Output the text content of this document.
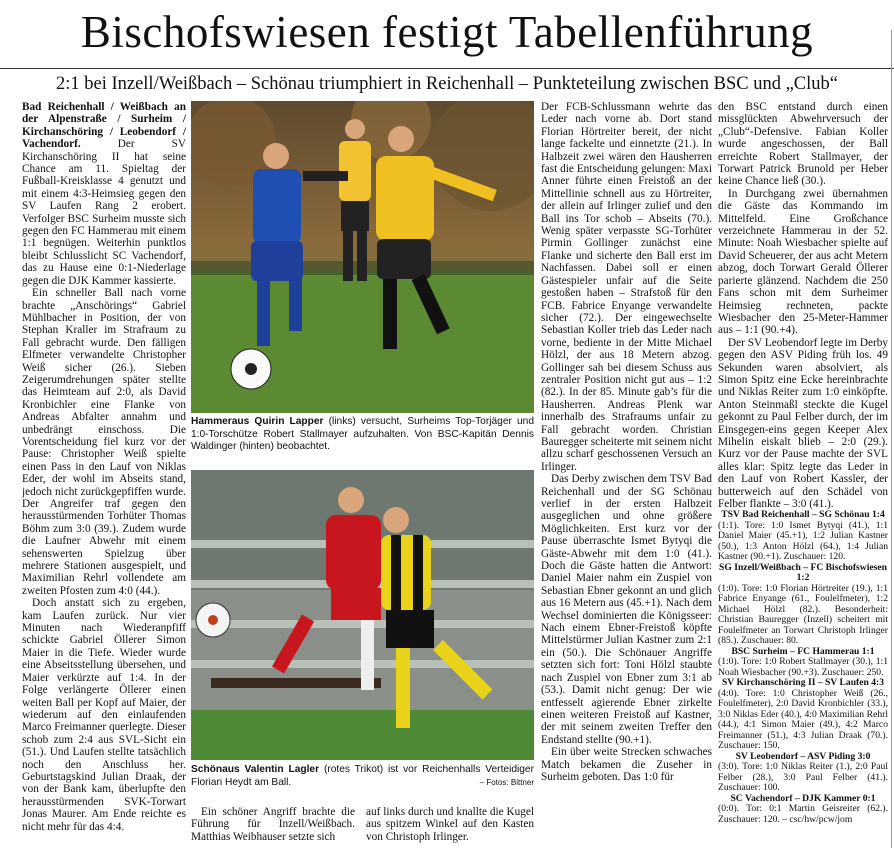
Bischofswiesen festigt Tabellenführung
2:1 bei Inzell/Weißbach – Schönau triumphiert in Reichenhall – Punkteteilung zwischen BSC und „Club“

Bad Reichenhall / Weißbach an der Alpenstraße / Surheim / Kirchanschöring / Leobendorf / Vachendorf.	Der SV Kirchanschöring II hat seine Chance am 11. Spieltag der Fußball-Kreisklasse 4 genutzt und mit einem 4:3-Heimsieg gegen den SV Laufen Rang 2 erobert. Verfolger BSC Surheim musste sich gegen den FC Hammerau mit einem 1:1 begnügen. Weiterhin punktlos bleibt Schlusslicht SC Vachendorf, das zu Hause eine 0:1-Niederlage gegen die DJK Kammer kassierte.

Ein schneller Ball nach vorne brachte „Anschörings“ Gabriel Mühlbacher in Position, der von Stephan Kraller im Strafraum zu Fall gebracht wurde. Den fälligen Elfmeter verwandelte Christopher Weiß sicher (26.). Sieben Zeigerumdrehungen später stellte das Heimteam auf 2:0, als David Kronbichler eine Flanke von Andreas Abfalter annahm und unbedrängt einschoss. Die Vorentscheidung fiel kurz vor der Pause: Christopher Weiß spielte einen Pass in den Lauf von Niklas Eder, der wohl im Abseits stand, jedoch nicht zurückgepfiffen wurde. Der Angreifer traf gegen den herausstürmenden Torhüter Thomas Böhm zum 3:0 (39.). Zudem wurde die Laufner Abwehr mit einem sehenswerten Spielzug über mehrere Stationen ausgespielt, und Maximilian Rehrl vollendete am zweiten Pfosten zum 4:0 (44.).

Doch anstatt sich zu ergeben, kam Laufen zurück. Nur vier Minuten nach Wiederanpfiff schickte Gabriel Öllerer Simon Maier in die Tiefe. Wieder wurde eine Abseitsstellung übersehen, und Maier verkürzte auf 1:4. In der Folge verlängerte Öllerer einen weiten Ball per Kopf auf Maier, der wiederum auf den einlaufenden Marco Freimanner querlegte. Dieser schob zum 2:4 aus SVL-Sicht ein (51.). Und Laufen stellte tatsächlich noch den Anschluss her. Geburtstagskind Julian Draak, der von der Bank kam, überlupfte den herausstürmenden SVK-Torwart Jonas Maurer. Am Ende reichte es nicht mehr für das 4:4.

Hammeraus Quirin Lapper (links) versucht, Surheims Top-Torjäger und 1:0-Torschütze Robert Stallmayer aufzuhalten. Von BSC-Kapitän Dennis Waldinger (hinten) beobachtet.
Schönaus Valentin Lagler (rotes Trikot) ist vor Reichenhalls Verteidiger Florian Heydt am Ball.	– Fotos: Bittner

Ein schöner Angriff brachte die Führung für Inzell/Weißbach. Matthias Weibhauser setzte sich

auf links durch und knallte die Kugel aus spitzem Winkel auf den Kasten von Christoph Irlinger.

Der FCB-Schlussmann wehrte das Leder nach vorne ab. Dort stand Florian Hörtreiter bereit, der nicht lange fackelte und einnetzte (21.). In Halbzeit zwei wären den Hausherren fast die Entscheidung gelungen: Maxi Anner führte einen Freistoß an der Mittellinie schnell aus zu Hörtreiter, der allein auf Irlinger zulief und den Ball ins Tor schob – Abseits (70.). Wenig später verpasste SG-Torhüter Pirmin Gollinger zunächst eine Flanke und sicherte den Ball erst im Nachfassen. Dabei soll er einen Gästespieler unfair auf die Seite gestoßen haben – Strafstoß für den FCB. Fabrice Enyange verwandelte sicher (72.). Der eingewechselte Sebastian Koller trieb das Leder nach vorne, bediente in der Mitte Michael Hölzl, der aus 18 Metern abzog. Gollinger sah bei diesem Schuss aus zentraler Position nicht gut aus – 1:2 (82.). In der 85. Minute gab’s für die Hausherren. Andreas Plenk war innerhalb des Strafraums unfair zu Fall gebracht worden. Christian Bauregger scheiterte mit seinem nicht allzu scharf geschossenen Versuch an Irlinger.

Das Derby zwischen dem TSV Bad Reichenhall und der SG Schönau verlief in der ersten Halbzeit ausgeglichen und ohne größere Möglichkeiten. Erst kurz vor der Pause überraschte Ismet Bytyqi die Gäste-Abwehr mit dem 1:0 (41.). Doch die Gäste hatten die Antwort: Daniel Maier nahm ein Zuspiel von Sebastian Ebner gekonnt an und glich aus 16 Metern aus (45.+1). Nach dem Wechsel dominierten die Königsseer: Nach einem Ebner-Freistoß köpfte Mittelstürmer Julian Kastner zum 2:1 ein (50.). Die Schönauer Angriffe setzten sich fort: Toni Hölzl staubte nach Zuspiel von Ebner zum 3:1 ab (53.). Damit nicht genug: Der wie entfesselt agierende Ebner zirkelte einen weiteren Freistoß auf Kastner, der mit seinem zweiten Treffer den Endstand stellte (90.+1).

Ein über weite Strecken schwaches Match bekamen die Zuseher in Surheim geboten. Das 1:0 für

den BSC entstand durch einen missglückten Abwehrversuch der „Club“-Defensive. Fabian Koller wurde angeschossen, der Ball erreichte Robert Stallmayer, der Torwart Patrick Brunold per Heber keine Chance ließ (30.).

In Durchgang zwei übernahmen die Gäste das Kommando im Mittelfeld. Eine Großchance verzeichnete Hammerau in der 52. Minute: Noah Wiesbacher spielte auf David Scheuerer, der aus acht Metern abzog, doch Torwart Gerald Öllerer parierte glänzend. Nachdem die 250 Fans schon mit dem Surheimer Heimsieg rechneten, packte Wiesbacher den 25-Meter-Hammer aus – 1:1 (90.+4).

Der SV Leobendorf legte im Derby gegen den ASV Piding früh los. 49 Sekunden waren absolviert, als Simon Spitz eine Ecke hereinbrachte und Niklas Reiter zum 1:0 einköpfte. Anton Steinmaßl steckte die Kugel gekonnt zu Paul Felber durch, der im Einsgegen-eins gegen Keeper Alex Mihelin eiskalt blieb – 2:0 (29.). Kurz vor der Pause machte der SVL alles klar: Spitz legte das Leder in den Lauf von Robert Kassler, der butterweich auf den Schädel von Felber flankte – 3:0 (41.).

TSV Bad Reichenhall – SG Schönau 1:4
(1:1). Tore: 1:0 Ismet Bytyqi (41.), 1:1 Daniel Maier (45.+1), 1:2 Julian Kastner (50.), 1:3 Anton Hölzl (64.), 1:4 Julian Kastner (90.+1). Zuschauer: 120.

SG Inzell/Weißbach – FC Bischofswiesen 1:2
(1:0). Tore: 1:0 Florian Hörtreiter (19.), 1:1 Fabrice Enyange (61., Foulelfmeter), 1:2 Michael Hölzl (82.). Besonderheit: Christian Bauregger (Inzell) scheitert mit Foulelfmeter an Torwart Christoph Irlinger (85.). Zuschauer: 80.

BSC Surheim – FC Hammerau 1:1
(1:0). Tore: 1:0 Robert Stallmayer (30.), 1:1 Noah Wiesbacher (90.+3). Zuschauer: 250.

SV Kirchanschöring II – SV Laufen 4:3
(4:0). Tore: 1:0 Christopher Weiß (26., Foulelfmeter), 2:0 David Kronbichler (33.), 3:0 Niklas Eder (40.), 4:0 Maximilian Rehrl (44.), 4:1 Simon Maier (49.), 4:2 Marco Freimanner (51.), 4:3 Julian Draak (70.). Zuschauer: 150.

SV Leobendorf – ASV Piding 3:0
(3:0). Tore: 1:0 Niklas Reiter (1.), 2:0 Paul Felber (28.), 3:0 Paul Felber (41.). Zuschauer: 100.

SC Vachendorf – DJK Kammer 0:1
(0:0). Tor: 0:1 Martin Geisreiter (62.). Zuschauer: 120. – csc/hw/pcw/jom
